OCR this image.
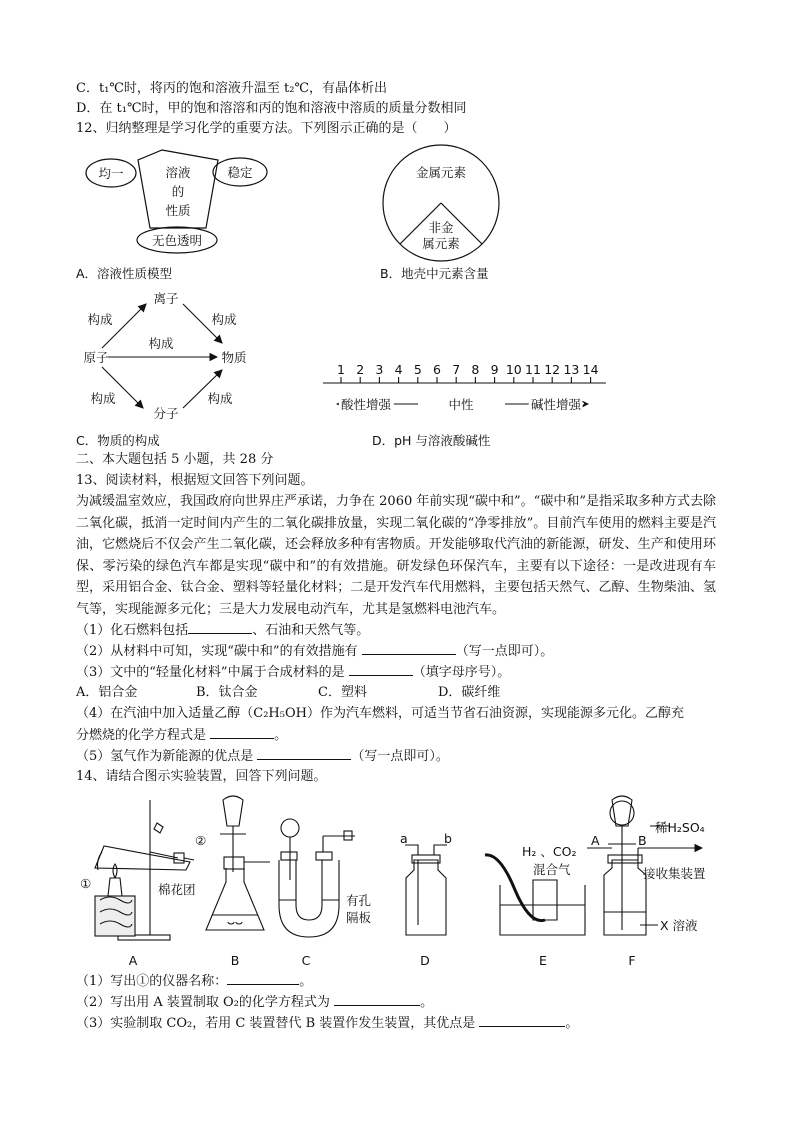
C．t₁℃时，将丙的饱和溶液升温至 t₂℃，有晶体析出
D．在 t₁℃时，甲的饱和溶溶和丙的饱和溶液中溶质的质量分数相同
12、归纳整理是学习化学的重要方法。下列图示正确的是（　　）
溶液
的
性质
均一	稳定
无色透明
A．溶液性质模型
金属元素
非金
属元素
B．地壳中元素含量
离子
原子	物质
分子
构成	构成
构成
构成	构成
C．物质的构成
1 2 3 4 5 6 7 8 9 10 11 12 13 14
酸性增强	中性	碱性增强
D．pH 与溶液酸碱性
二、本大题包括 5 小题，共 28 分
13、阅读材料，根据短文回答下列问题。
为减缓温室效应，我国政府向世界庄严承诺，力争在 2060 年前实现“碳中和”。“碳中和”是指采取多种方式去除二氧化碳，抵消一定时间内产生的二氧化碳排放量，实现二氧化碳的“净零排放”。目前汽车使用的燃料主要是汽油，它燃烧后不仅会产生二氧化碳，还会释放多种有害物质。开发能够取代汽油的新能源，研发、生产和使用环保、零污染的绿色汽车都是实现“碳中和”的有效措施。研发绿色环保汽车，主要有以下途径：一是改进现有车型，采用铝合金、钛合金、塑料等轻量化材料；二是开发汽车代用燃料，主要包括天然气、乙醇、生物柴油、氢气等，实现能源多元化；三是大力发展电动汽车，尤其是氢燃料电池汽车。
（1）化石燃料包括	、石油和天然气等。
（2）从材料中可知，实现“碳中和”的有效措施有	（写一点即可）。
（3）文中的“轻量化材料”中属于合成材料的是	（填字母序号）。
A．铝合金	B．钛合金	C．塑料	D．碳纤维
（4）在汽油中加入适量乙醇（C₂H₅OH）作为汽车燃料，可适当节省石油资源，实现能源多元化。乙醇充
分燃烧的化学方程式是	。
（5）氢气作为新能源的优点是	（写一点即可）。
14、请结合图示实验装置，回答下列问题。
A	B	C	D	E	F
①
②
棉花团
有孔
隔板
a	b
H₂ 、CO₂
混合气
稀H₂SO₄
A	B
接收集装置
X 溶液
（1）写出①的仪器名称：	。
（2）写出用 A 装置制取 O₂的化学方程式为	。
（3）实验制取 CO₂，若用 C 装置替代 B 装置作发生装置，其优点是	。
